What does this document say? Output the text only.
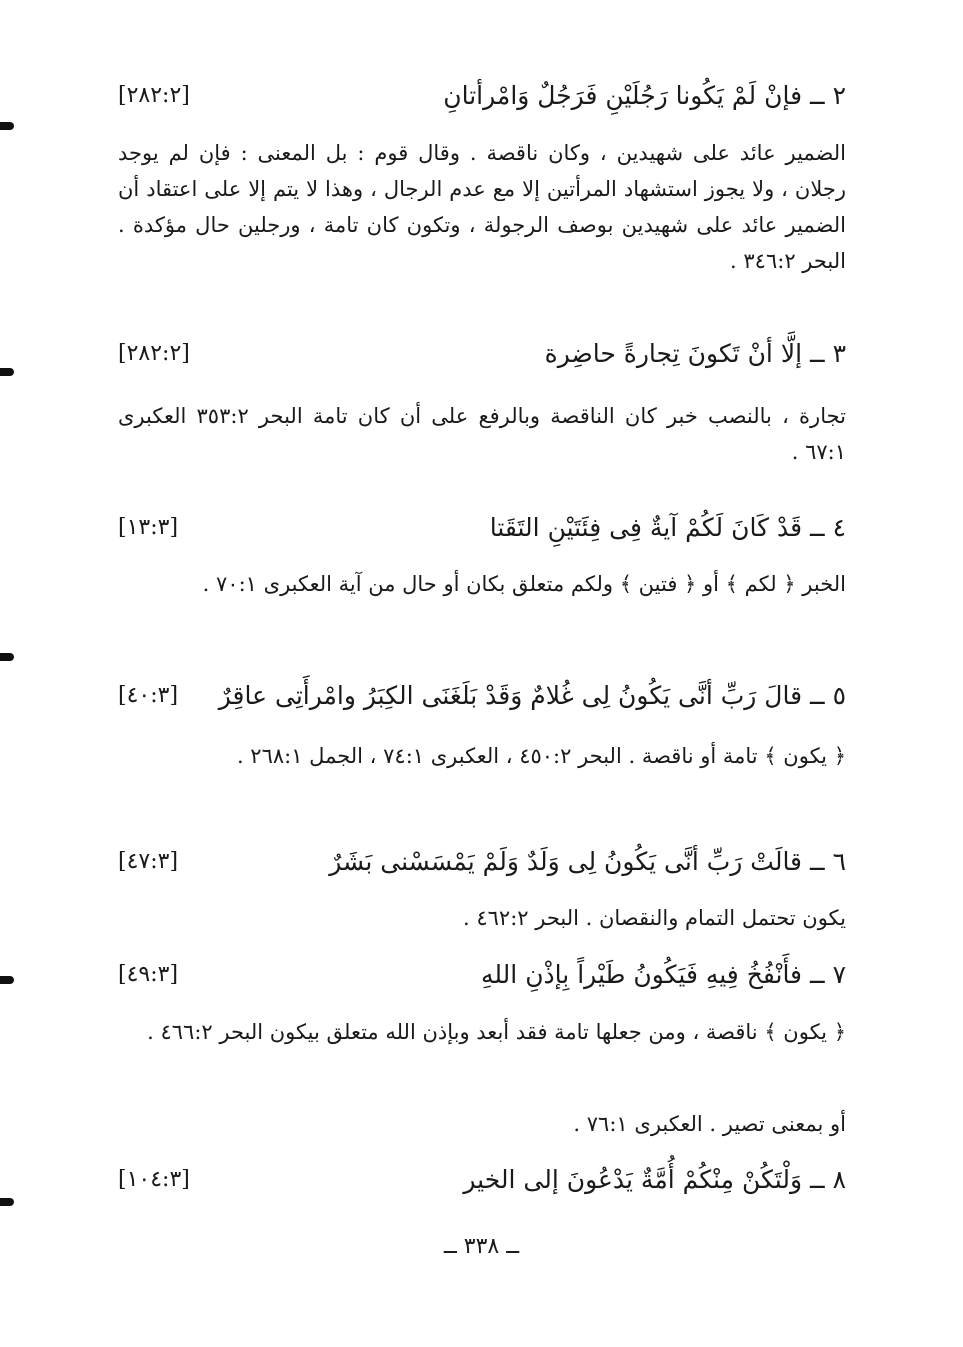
٢ ــ فإنْ لَمْ يَكُونا رَجُلَيْنِ فَرَجُلٌ وَامْرأتانِ
[٢٨٢:٢]
الضمير عائد على شهيدين ، وكان ناقصة . وقال قوم : بل المعنى : فإن لم يوجد رجلان ، ولا يجوز استشهاد المرأتين إلا مع عدم الرجال ، وهذا لا يتم إلا على اعتقاد أن الضمير عائد على شهيدين بوصف الرجولة ، وتكون كان تامة ، ورجلين حال مؤكدة . البحر ٣٤٦:٢ .
٣ ــ إلَّا أنْ تَكونَ تِجارةً حاضِرة
[٢٨٢:٢]
تجارة ، بالنصب خبر كان الناقصة وبالرفع على أن كان تامة البحر ٣٥٣:٢ العكبرى ٦٧:١ .
٤ ــ قَدْ كَانَ لَكُمْ آيةٌ فِى فِئَتَيْنِ التَقَتا
[١٣:٣]
الخبر ﴿ لكم ﴾ أو ﴿ فتين ﴾ ولكم متعلق بكان أو حال من آية العكبرى ٧٠:١ .
٥ ــ قالَ رَبِّ أنَّى يَكُونُ لِى غُلامٌ وَقَدْ بَلَغَنَى الكِبَرُ وامْرأَتِى عاقِرٌ
[٤٠:٣]
﴿ يكون ﴾ تامة أو ناقصة . البحر ٤٥٠:٢ ، العكبرى ٧٤:١ ، الجمل ٢٦٨:١ .
٦ ــ قالَتْ رَبِّ أنَّى يَكُونُ لِى وَلَدٌ وَلَمْ يَمْسَسْنى بَشَرٌ
[٤٧:٣]
يكون تحتمل التمام والنقصان . البحر ٤٦٢:٢ .
٧ ــ فأَنْفُخُ فِيهِ فَيَكُونُ طَيْراً بِإذْنِ اللهِ
[٤٩:٣]
﴿ يكون ﴾ ناقصة ، ومن جعلها تامة فقد أبعد وبإذن الله متعلق بيكون البحر ٤٦٦:٢ .
أو بمعنى تصير . العكبرى ٧٦:١ .
٨ ــ وَلْتَكُنْ مِنْكُمْ أُمَّةٌ يَدْعُونَ إلى الخير
[١٠٤:٣]
ــ ٣٣٨ ــ
